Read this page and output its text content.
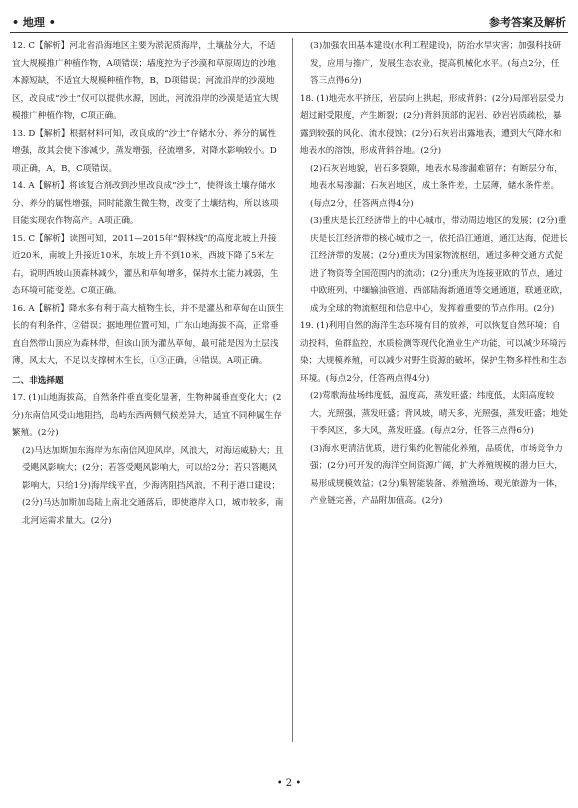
• 地理 •	参考答案及解析

12. C【解析】河北省沿海地区主要为淤泥质海岸，土壤盐分大，不适宜大规模推广种植作物，A项错误；墙度控为子沙漠和草原周边的沙地本源短缺，不适宜大规模种植作物，B，D项错误；河流沿岸的沙漠地区，改良成“沙土”仅可以提供水源，因此，河流沿岸的沙漠是适宜大规模推广种植作物，C项正确。

13. D【解析】根据材料可知，改良成的“沙土”存储水分、养分的属性增强，故其会使下渗减少，蒸发增强，径流增多，对降水影响较小。D项正确，A，B，C项错误。

14. A【解析】将该复合剂改到沙里改良成“沙土”，使得该土壤存储水分、养分的属性增强，同时能激生微生物，改变了土壤结构，所以该项目能实现农作物高产。A项正确。

15. C【解析】读图可知，2011—2015年“假林线”的高度北坡上升接近20米，南坡上升接近10米，东坡上升不到10米，西坡下降了5米左右，说明西坡山顶森林减少，灌丛和草甸增多，保持水土能力减弱，生态环境可能变差。C项正确。

16. A【解析】降水多有利于高大植物生长，并不是灌丛和草甸在山顶生长的有利条件，②错误；据地理位置可知，广东山地海拔不高，正常垂直自然带山顶应为森林带，但该山顶为灌丛草甸，最可能是因为土层浅薄，风太大，不足以支撑树木生长，①③正确，④错误。A项正确。

二、非选择题

17. (1)山地海拔高，自然条件垂直变化显著，生物种属垂直变化大；(2分)东南信风受山地阻挡，岛屿东西两侧气候差异大，适宜不同种属生存繁殖。(2分)

(2)马达加斯加东海岸为东南信风迎风岸，风浪大，对海运威胁大；且受飓风影响大；(2分；若答受飓风影响大，可以给2分；若只答飓风影响大，只给1分)海岸线平直，少海湾阻挡风浪，不利于港口建设；(2分)马达加斯加岛陆上南北交通落后，即使港岸入口，城市较多，南北河运需求量大。(2分)

(3)加强农田基本建设(水利工程建设)，防治水旱灾害；加强科技研发，应用与推广，发展生态农业，提高机械化水平。(每点2分，任答三点得6分)

18. (1)地壳水平挤压，岩层向上拱起，形成背斜；(2分)局部岩层受力超过耐受限度，产生断裂；(2分)背斜顶部的泥岩、砂岩岩质疏松，暴露到较强的风化、流水侵蚀；(2分)石灰岩出露地表，遭到大气降水和地表水的溶蚀，形成背斜谷地。(2分)

(2)石灰岩地貌，岩石多裂隙，地表水易渗漏难留存；有断层分布，地表水易渗漏；石灰岩地区，成土条件差，土层薄，储水条件差。(每点2分，任答两点得4分)

(3)重庆是长江经济带上的中心城市，带动周边地区的发展；(2分)重庆是长江经济带的核心城市之一，依托沿江通道，通江达海，促进长江经济带的发展；(2分)重庆为国家物流枢纽，通过多种交通方式促进了物资等全国范围内的流动；(2分)重庆为连接亚欧的节点，通过中欧班列、中缅输油管道、西部陆海新通道等交通通道，联通亚欧，成为全球的物流枢纽和信息中心，发挥着重要的节点作用。(2分)

19. (1)利用自然的海洋生态环境有目的放养，可以恢复自然环境；自动投料，鱼群监控，水质检测等现代化渔业生产功能，可以减少环境污染；大规模养殖，可以减少对野生资源的破坏，保护生物多样性和生态环境。(每点2分，任答两点得4分)

(2)莺歌海盐场纬度低，温度高，蒸发旺盛；纬度低，太阳高度较大，光照强，蒸发旺盛；背风坡，晴天多，光照强，蒸发旺盛；地处干季风区，多大风，蒸发旺盛。(每点2分，任答三点得6分)

(3)海水更清洁优质，进行集约化智能化养殖，品质优，市场竞争力强；(2分)可开发的海洋空间资源广阔，扩大养殖规模的潜力巨大，易形成规模效益；(2分)集智能装备、养殖渔场、观光旅游为一体，产业链完善，产品附加值高。(2分)

• 2 •
